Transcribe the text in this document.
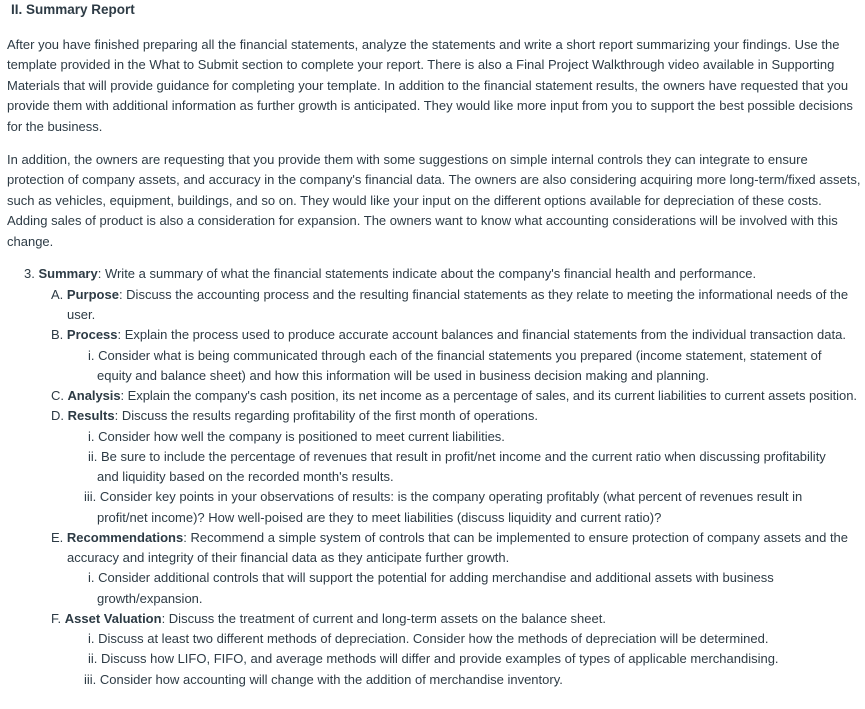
II. Summary Report

After you have finished preparing all the financial statements, analyze the statements and write a short report summarizing your findings. Use the template provided in the What to Submit section to complete your report. There is also a Final Project Walkthrough video available in Supporting Materials that will provide guidance for completing your template. In addition to the financial statement results, the owners have requested that you provide them with additional information as further growth is anticipated. They would like more input from you to support the best possible decisions for the business.

In addition, the owners are requesting that you provide them with some suggestions on simple internal controls they can integrate to ensure protection of company assets, and accuracy in the company's financial data. The owners are also considering acquiring more long-term/fixed assets, such as vehicles, equipment, buildings, and so on. They would like your input on the different options available for depreciation of these costs. Adding sales of product is also a consideration for expansion. The owners want to know what accounting considerations will be involved with this change.

3. Summary: Write a summary of what the financial statements indicate about the company's financial health and performance.
A. Purpose: Discuss the accounting process and the resulting financial statements as they relate to meeting the informational needs of the
user.
B. Process: Explain the process used to produce accurate account balances and financial statements from the individual transaction data.
i. Consider what is being communicated through each of the financial statements you prepared (income statement, statement of
equity and balance sheet) and how this information will be used in business decision making and planning.
C. Analysis: Explain the company's cash position, its net income as a percentage of sales, and its current liabilities to current assets position.
D. Results: Discuss the results regarding profitability of the first month of operations.
i. Consider how well the company is positioned to meet current liabilities.
ii. Be sure to include the percentage of revenues that result in profit/net income and the current ratio when discussing profitability
and liquidity based on the recorded month's results.
iii. Consider key points in your observations of results: is the company operating profitably (what percent of revenues result in
profit/net income)? How well-poised are they to meet liabilities (discuss liquidity and current ratio)?
E. Recommendations: Recommend a simple system of controls that can be implemented to ensure protection of company assets and the
accuracy and integrity of their financial data as they anticipate further growth.
i. Consider additional controls that will support the potential for adding merchandise and additional assets with business
growth/expansion.
F. Asset Valuation: Discuss the treatment of current and long-term assets on the balance sheet.
i. Discuss at least two different methods of depreciation. Consider how the methods of depreciation will be determined.
ii. Discuss how LIFO, FIFO, and average methods will differ and provide examples of types of applicable merchandising.
iii. Consider how accounting will change with the addition of merchandise inventory.
